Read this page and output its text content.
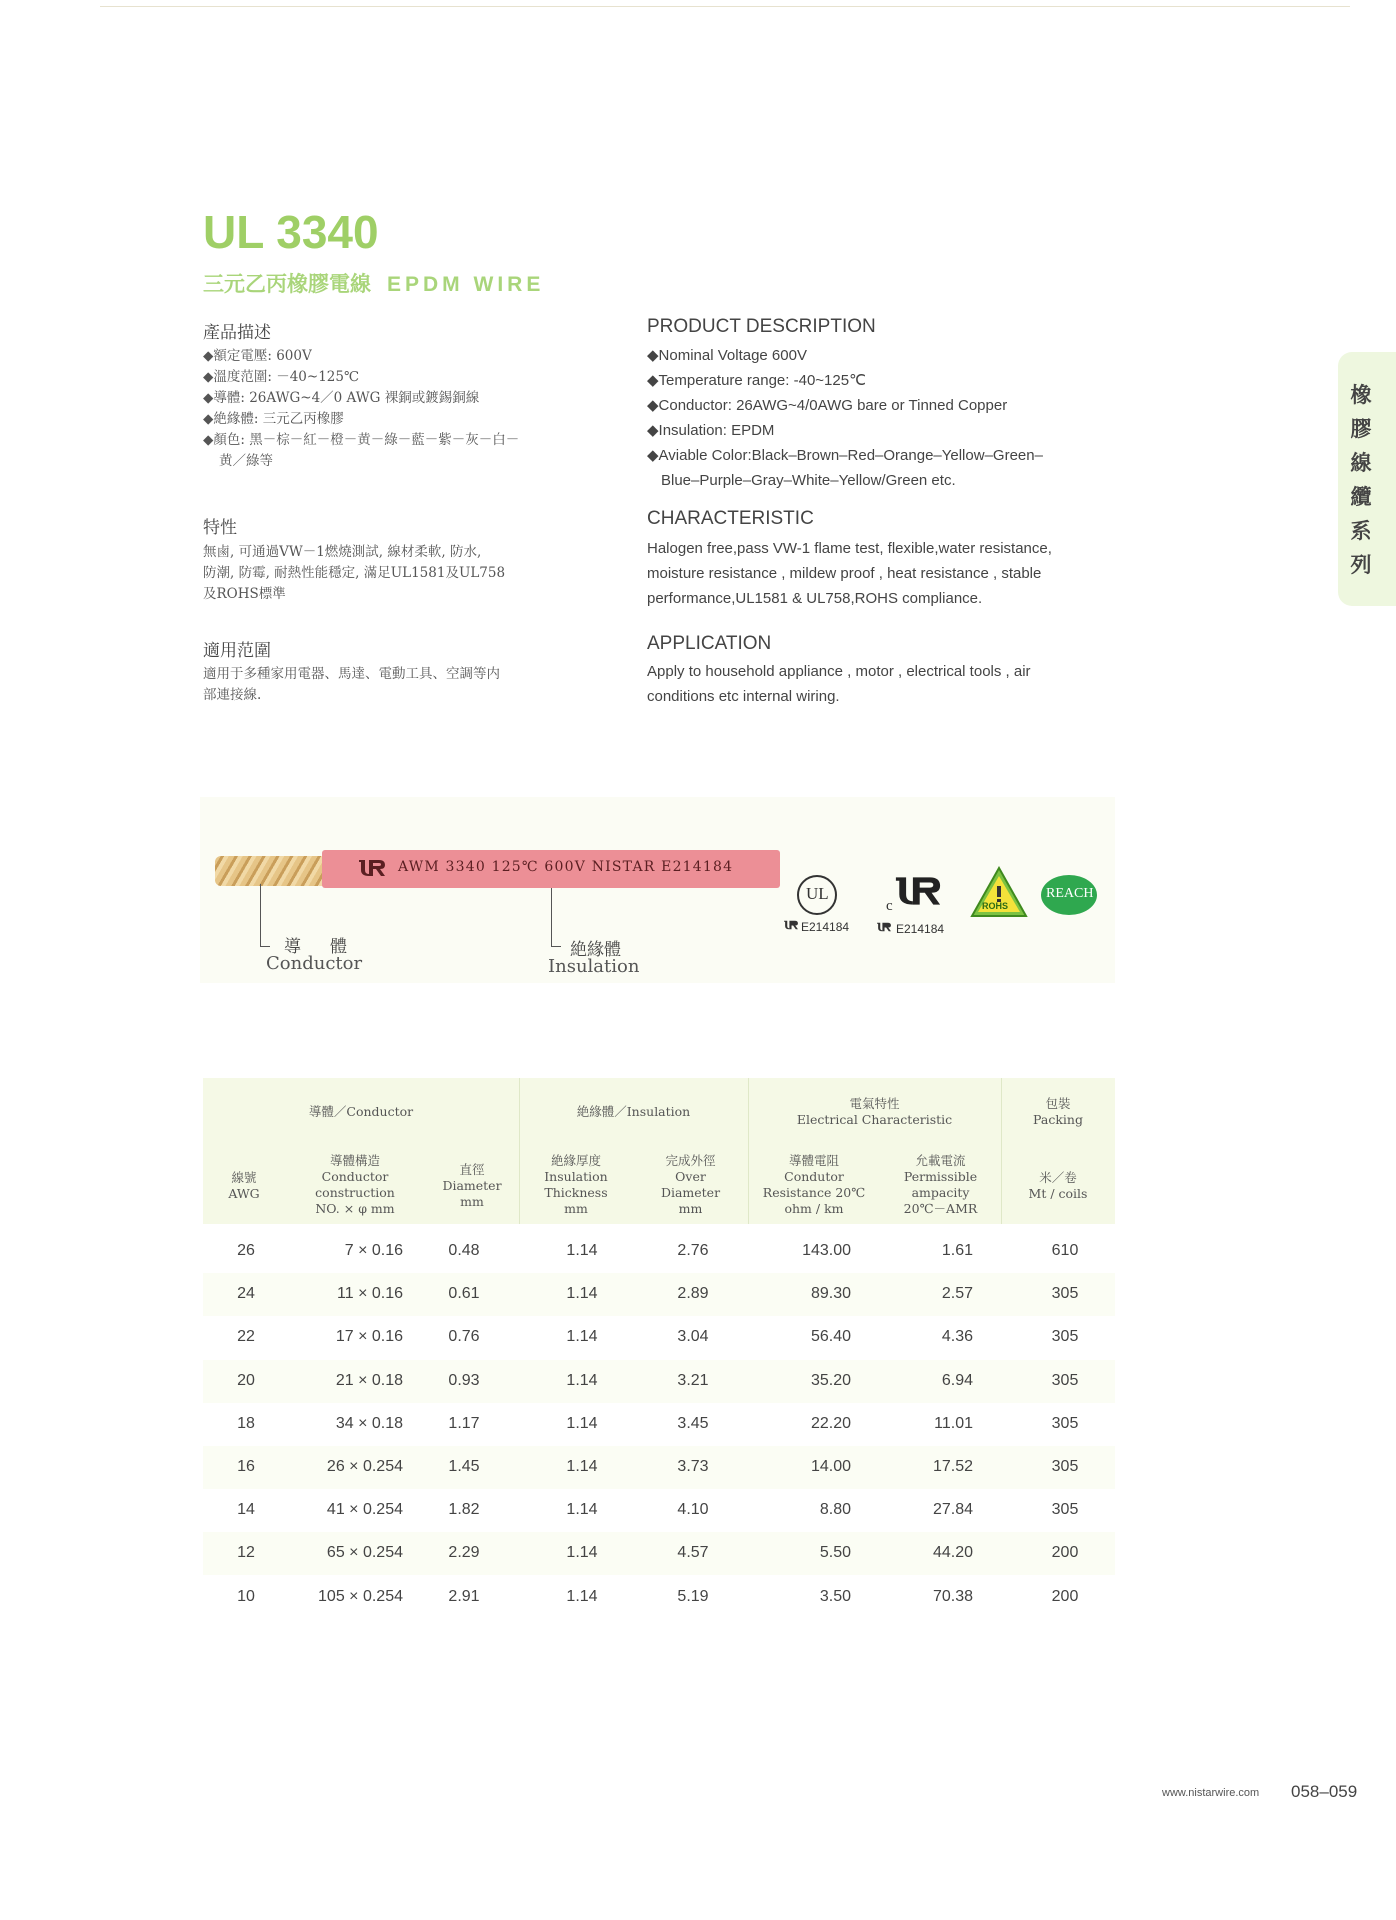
UL 3340
三元乙丙橡膠電線 EPDM WIRE
產品描述
◆額定電壓: 600V
◆溫度范圍: －40~125℃
◆導體: 26AWG~4／0 AWG 裸銅或鍍錫銅線
◆絶緣體: 三元乙丙橡膠
◆顏色: 黑－棕－紅－橙－黄－綠－藍－紫－灰－白－
黄／綠等
特性
無鹵, 可通過VW－1燃燒測試, 線材柔軟, 防水,
防潮, 防霉, 耐熱性能穩定, 滿足UL1581及UL758
及ROHS標準
適用范圍
適用于多種家用電器、馬達、電動工具、空調等内
部連接線.
PRODUCT DESCRIPTION
◆Nominal Voltage 600V
◆Temperature range: -40~125℃
◆Conductor: 26AWG~4/0AWG bare or Tinned Copper
◆Insulation: EPDM
◆Aviable Color:Black–Brown–Red–Orange–Yellow–Green–
Blue–Purple–Gray–White–Yellow/Green etc.
CHARACTERISTIC
Halogen free,pass VW-1 flame test, flexible,water resistance,
moisture resistance , mildew proof , heat resistance , stable
performance,UL1581 & UL758,ROHS compliance.
APPLICATION
Apply to household appliance , motor , electrical tools , air
conditions etc internal wiring.
橡
膠
線
纜
系
列
AWM 3340 125℃ 600V NISTAR E214184
導　體
Conductor
絶緣體
Insulation
UL
E214184
c
E214184
ROHS
REACH
導體／Conductor	絶緣體／Insulation
電氣特性
Electrical Characteristic
包裝
Packing
線號
AWG
導體構造
Conductor
construction
NO. × φ mm
直徑
Diameter
mm
絶緣厚度
Insulation
Thickness
mm
完成外徑
Over
Diameter
mm
導體電阻
Condutor
Resistance 20℃
ohm / km
允載電流
Permissible
ampacity
20℃－AMR
米／卷
Mt / coils
26	7 × 0.16	0.48	1.14	2.76	143.00	1.61	610
24	11 × 0.16	0.61	1.14	2.89	89.30	2.57	305
22	17 × 0.16	0.76	1.14	3.04	56.40	4.36	305
20	21 × 0.18	0.93	1.14	3.21	35.20	6.94	305
18	34 × 0.18	1.17	1.14	3.45	22.20	11.01	305
16	26 × 0.254	1.45	1.14	3.73	14.00	17.52	305
14	41 × 0.254	1.82	1.14	4.10	8.80	27.84	305
12	65 × 0.254	2.29	1.14	4.57	5.50	44.20	200
10	105 × 0.254	2.91	1.14	5.19	3.50	70.38	200
www.nistarwire.com 058–059
